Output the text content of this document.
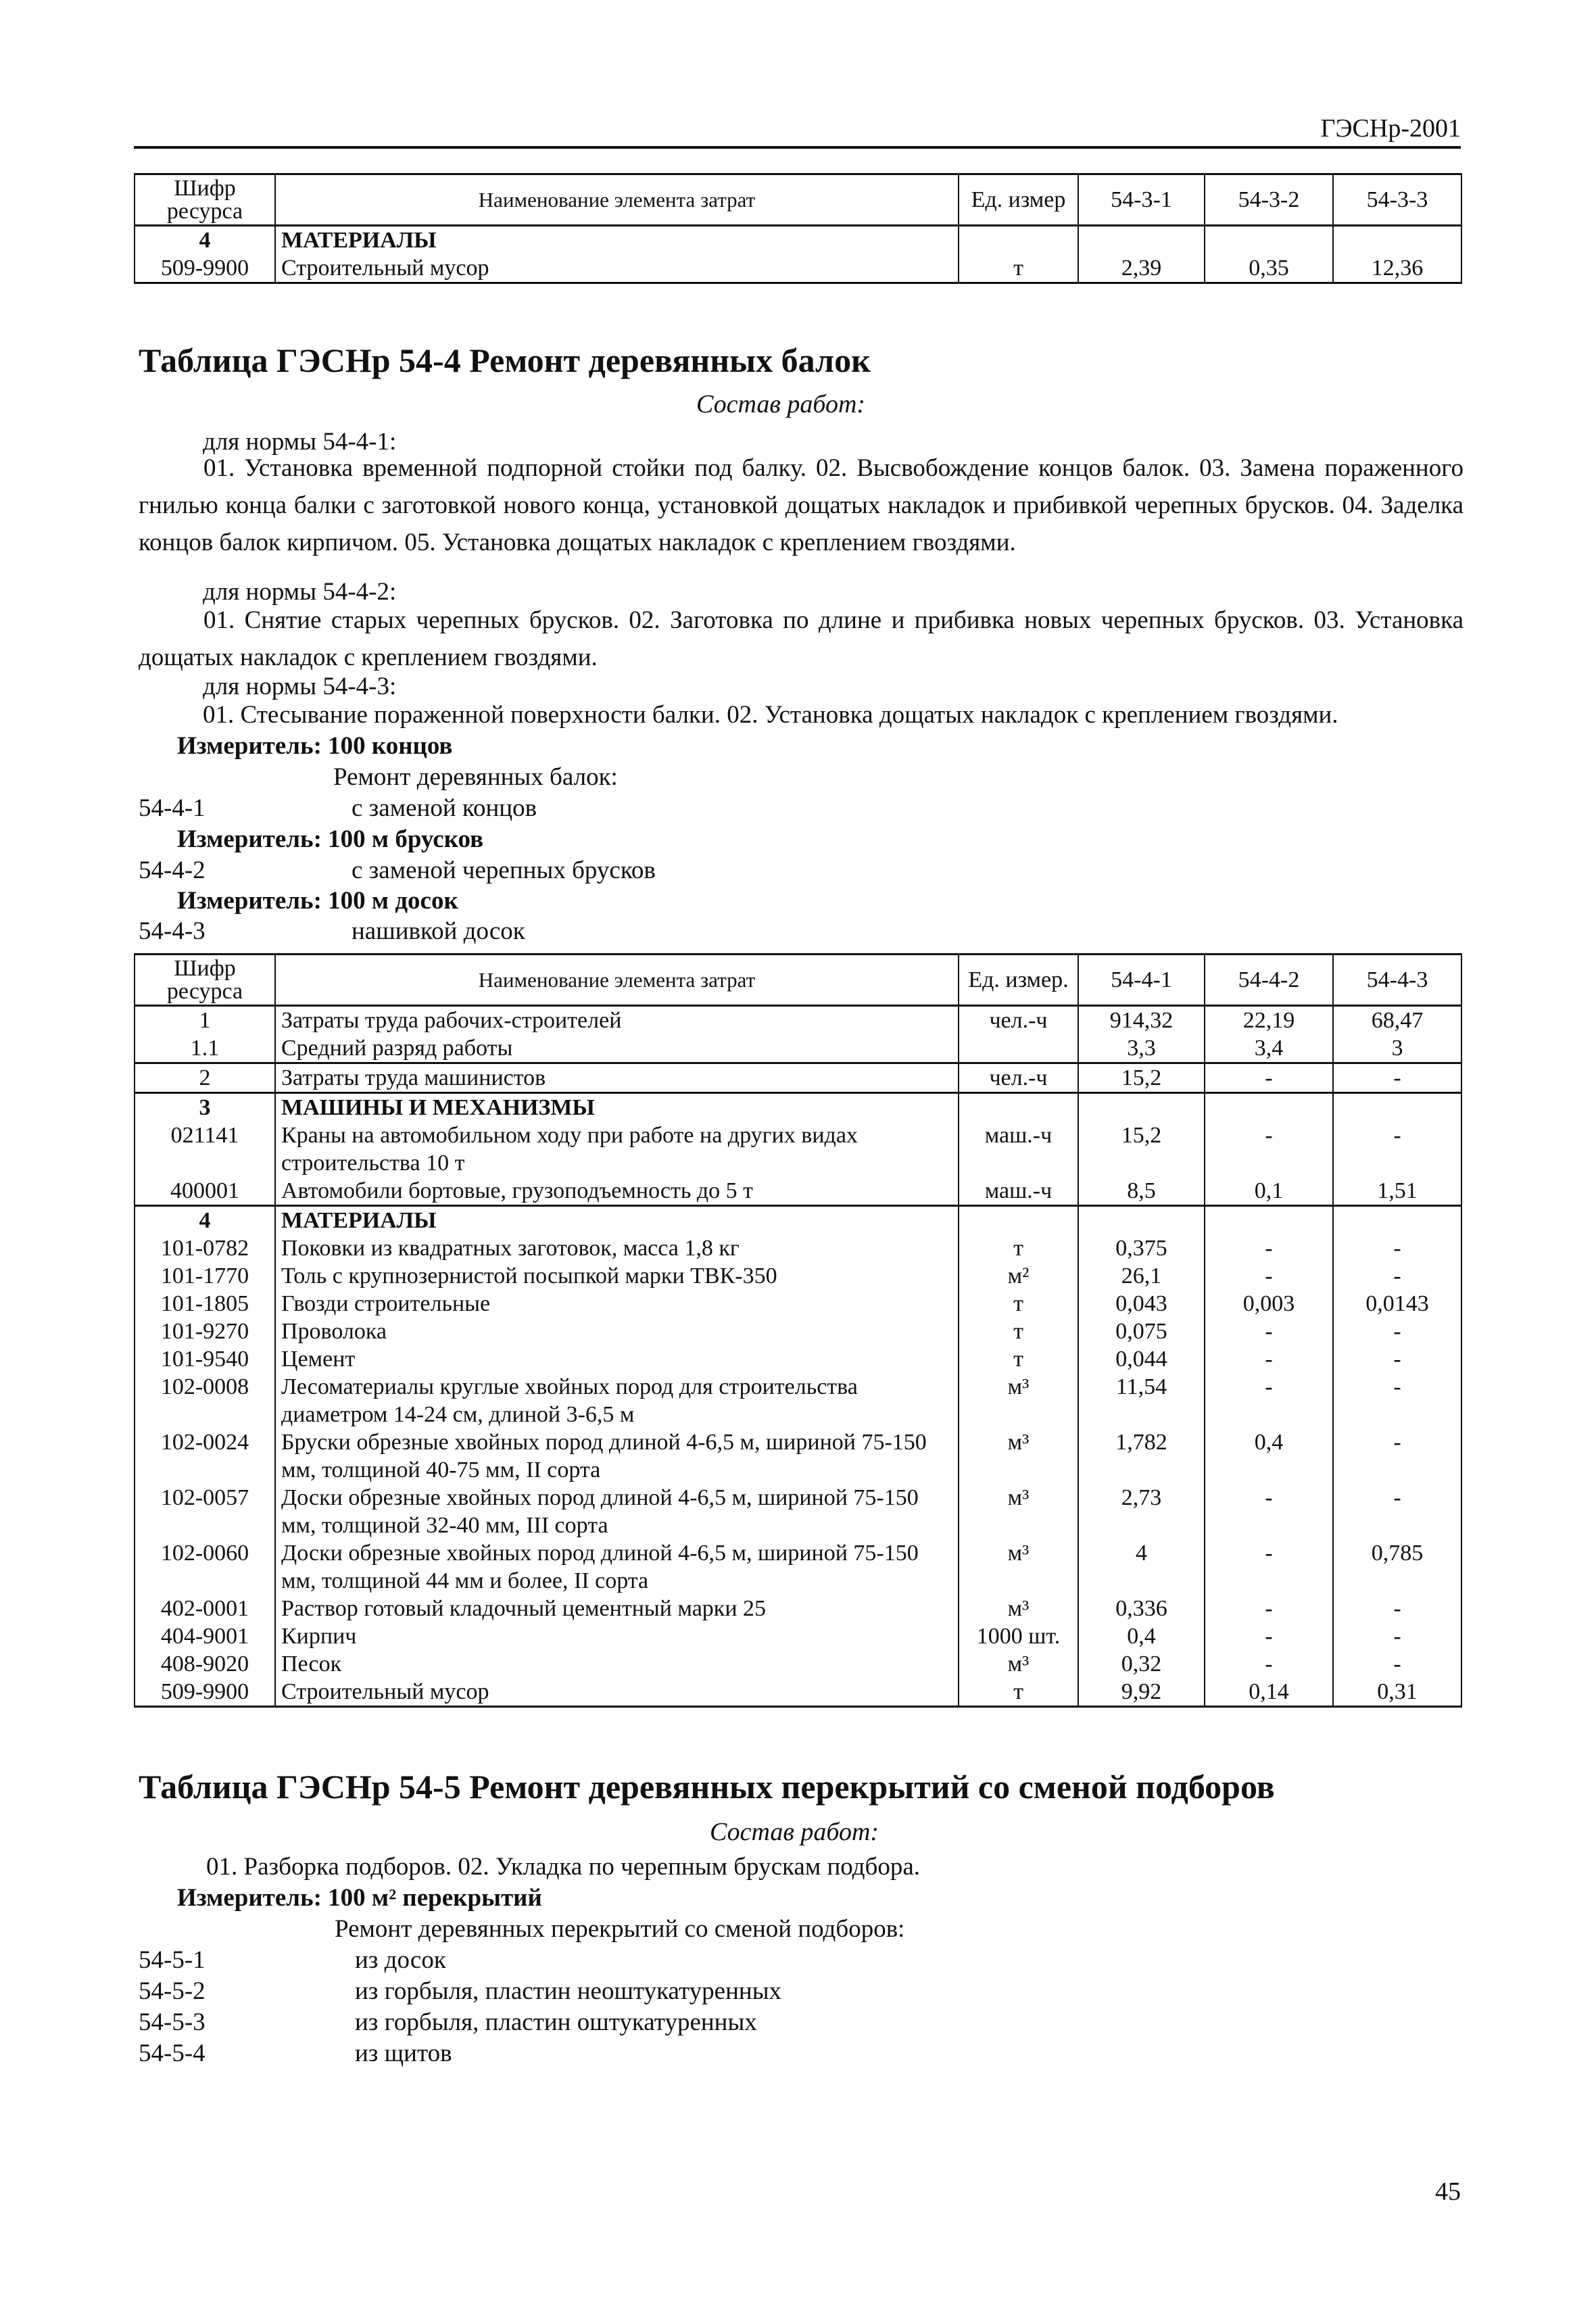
ГЭСНр-2001
Шифр ресурса	Наименование элемента затрат	Ед. измер	54-3-1	54-3-2	54-3-3
4	МАТЕРИАЛЫ				
509-9900	Строительный мусор	т	2,39	0,35	12,36
Таблица ГЭСНр 54-4 Ремонт деревянных балок
Состав работ:
для нормы 54-4-1:
01. Установка временной подпорной стойки под балку. 02. Высвобождение концов балок. 03. Замена пораженного гнилью конца балки с заготовкой нового конца, установкой дощатых накладок и прибивкой черепных брусков. 04. Заделка концов балок кирпичом. 05. Установка дощатых накладок с креплением гвоздями.
для нормы 54-4-2:
01. Снятие старых черепных брусков. 02. Заготовка по длине и прибивка новых черепных брусков. 03. Установка дощатых накладок с креплением гвоздями.
для нормы 54-4-3:
01. Стесывание пораженной поверхности балки. 02. Установка дощатых накладок с креплением гвоздями.
Измеритель: 100 концов
Ремонт деревянных балок:
54-4-1	с заменой концов
Измеритель: 100 м брусков
54-4-2	с заменой черепных брусков
Измеритель: 100 м досок
54-4-3	нашивкой досок
Шифр ресурса	Наименование элемента затрат	Ед. измер.	54-4-1	54-4-2	54-4-3
1	Затраты труда рабочих-строителей	чел.-ч	914,32	22,19	68,47
1.1	Средний разряд работы		3,3	3,4	3
2	Затраты труда машинистов	чел.-ч	15,2	-	-
3	МАШИНЫ И МЕХАНИЗМЫ				
021141	Краны на автомобильном ходу при работе на других видах строительства 10 т	маш.-ч	15,2	-	-
400001	Автомобили бортовые, грузоподъемность до 5 т	маш.-ч	8,5	0,1	1,51
4	МАТЕРИАЛЫ				
101-0782	Поковки из квадратных заготовок, масса 1,8 кг	т	0,375	-	-
101-1770	Толь с крупнозернистой посыпкой марки ТВК-350	м²	26,1	-	-
101-1805	Гвозди строительные	т	0,043	0,003	0,0143
101-9270	Проволока	т	0,075	-	-
101-9540	Цемент	т	0,044	-	-
102-0008	Лесоматериалы круглые хвойных пород для строительства диаметром 14-24 см, длиной 3-6,5 м	м³	11,54	-	-
102-0024	Бруски обрезные хвойных пород длиной 4-6,5 м, шириной 75-150 мм, толщиной 40-75 мм, II сорта	м³	1,782	0,4	-
102-0057	Доски обрезные хвойных пород длиной 4-6,5 м, шириной 75-150 мм, толщиной 32-40 мм, III сорта	м³	2,73	-	-
102-0060	Доски обрезные хвойных пород длиной 4-6,5 м, шириной 75-150 мм, толщиной 44 мм и более, II сорта	м³	4	-	0,785
402-0001	Раствор готовый кладочный цементный марки 25	м³	0,336	-	-
404-9001	Кирпич	1000 шт.	0,4	-	-
408-9020	Песок	м³	0,32	-	-
509-9900	Строительный мусор	т	9,92	0,14	0,31
Таблица ГЭСНр 54-5 Ремонт деревянных перекрытий со сменой подборов
Состав работ:
01. Разборка подборов. 02. Укладка по черепным брускам подбора.
Измеритель: 100 м² перекрытий
Ремонт деревянных перекрытий со сменой подборов:
54-5-1	из досок
54-5-2	из горбыля, пластин неоштукатуренных
54-5-3	из горбыля, пластин оштукатуренных
54-5-4	из щитов
45
